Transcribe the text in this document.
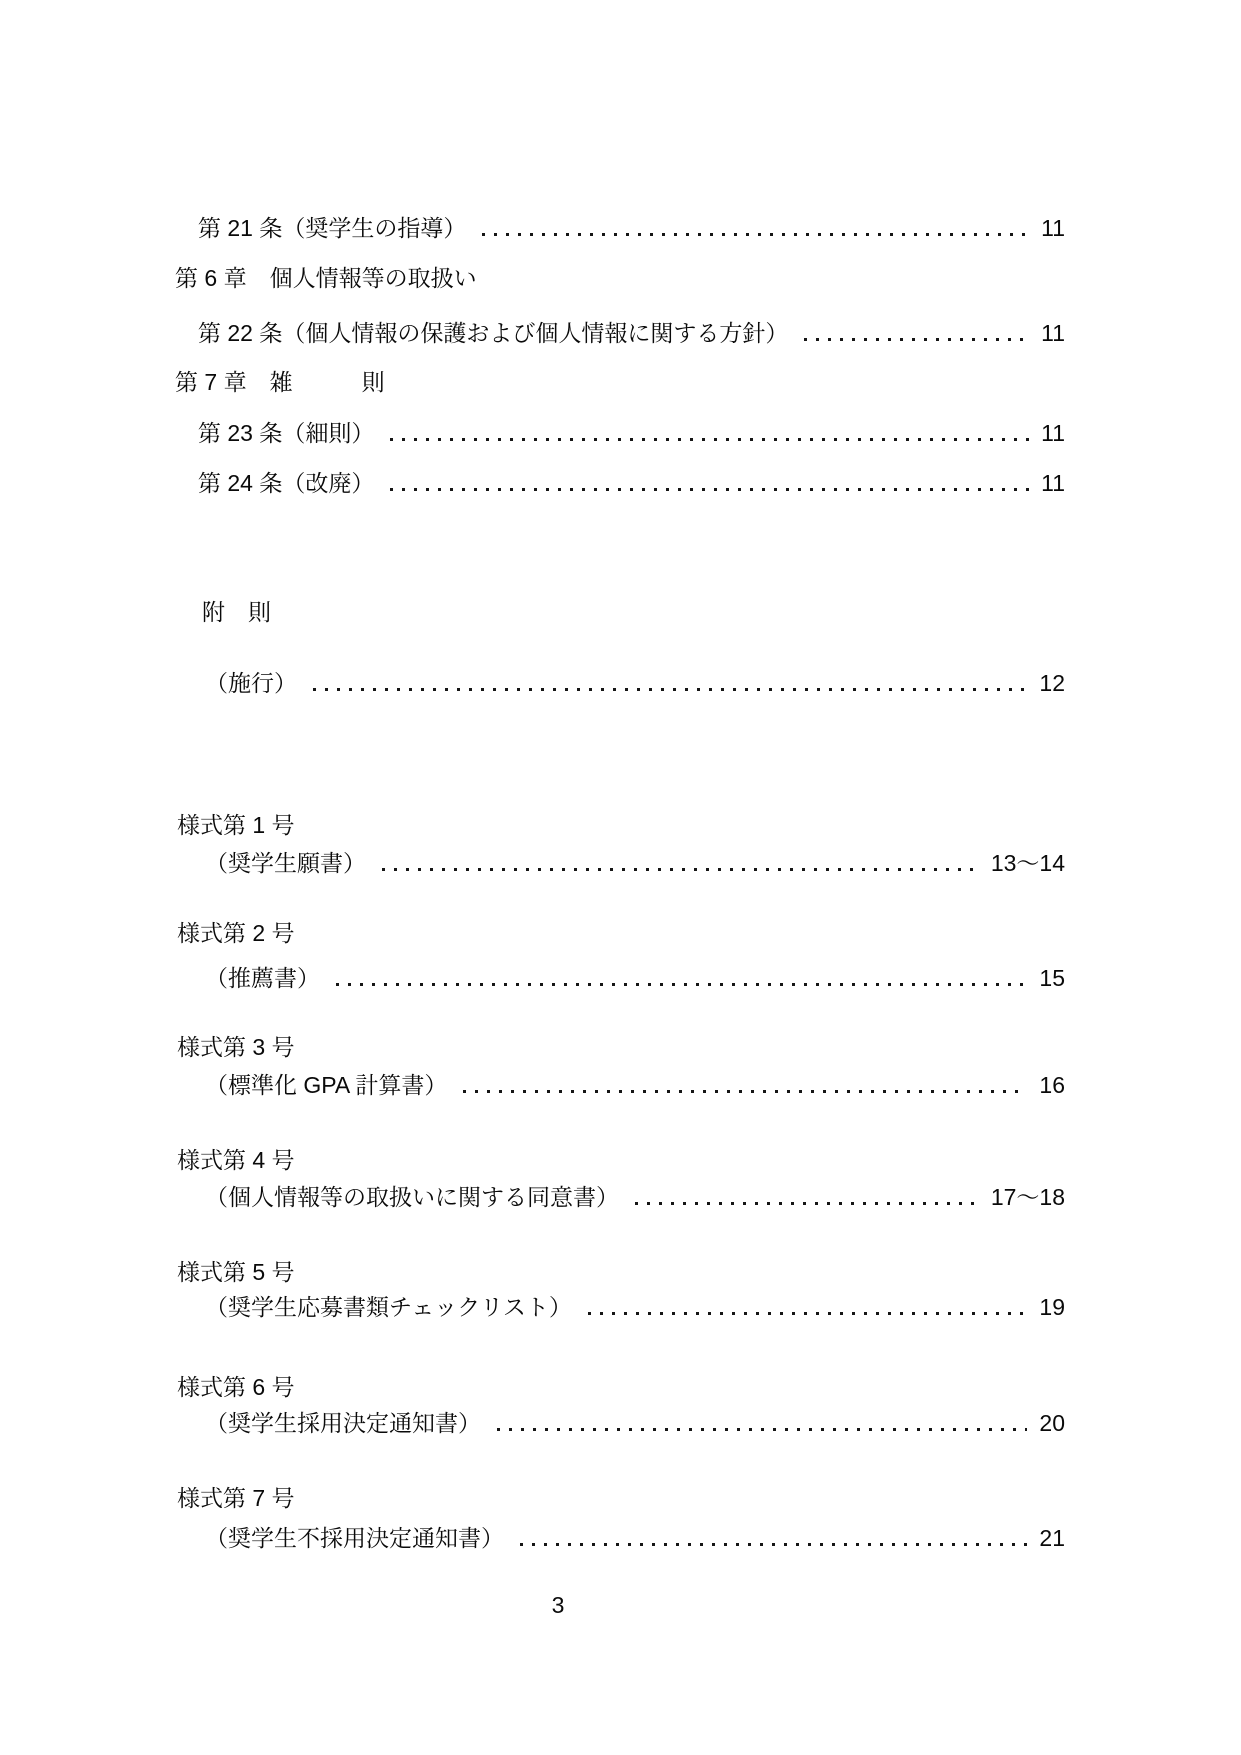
第 21 条（奨学生の指導）	11
第 6 章　個人情報等の取扱い
第 22 条（個人情報の保護および個人情報に関する方針）	11
第 7 章　雑　　　則
第 23 条（細則）	11
第 24 条（改廃）	11
附　則
（施行）	12
様式第 1 号
（奨学生願書）	13〜14
様式第 2 号
（推薦書）	15
様式第 3 号
（標準化 GPA 計算書）	16
様式第 4 号
（個人情報等の取扱いに関する同意書）	17〜18
様式第 5 号
（奨学生応募書類チェックリスト）	19
様式第 6 号
（奨学生採用決定通知書）	20
様式第 7 号
（奨学生不採用決定通知書）	21
3
